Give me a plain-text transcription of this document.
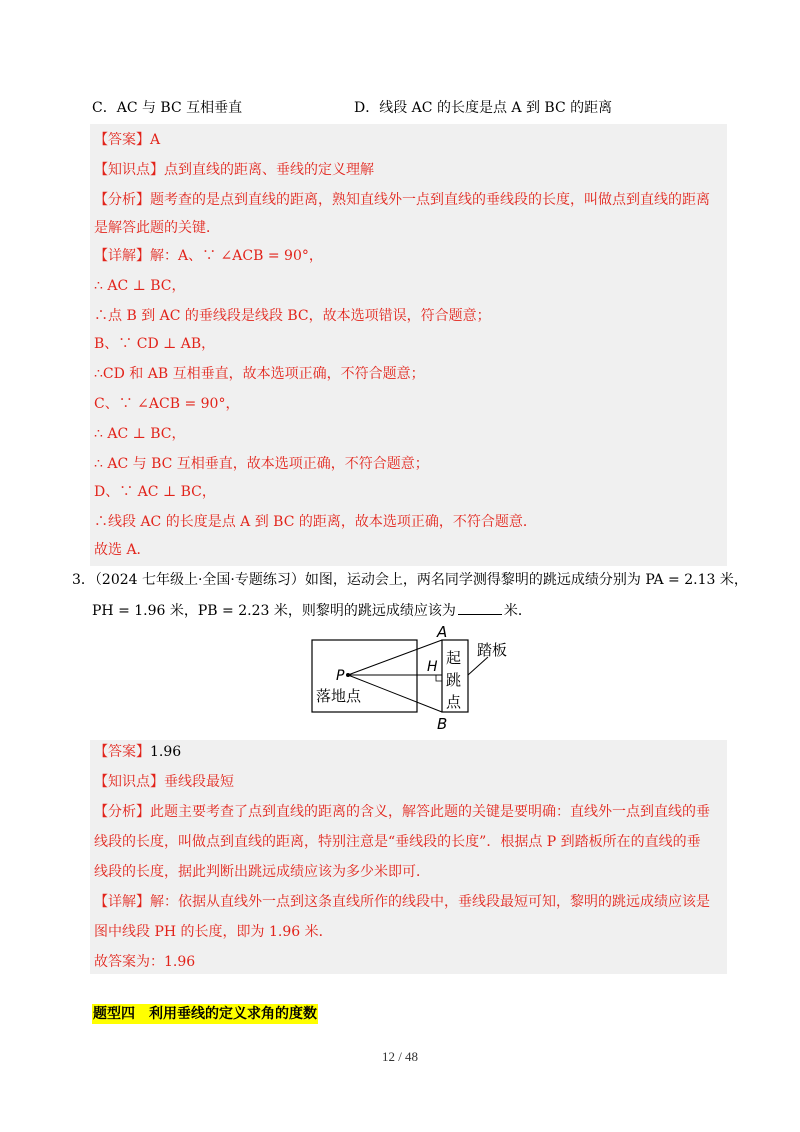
C．AC 与 BC 互相垂直	D．线段 AC 的长度是点 A 到 BC 的距离
【答案】A
【知识点】点到直线的距离、垂线的定义理解
【分析】题考查的是点到直线的距离，熟知直线外一点到直线的垂线段的长度，叫做点到直线的距离
是解答此题的关键．
【详解】解：A、∵ ∠ACB = 90°，
∴ AC ⊥ BC，
∴点 B 到 AC 的垂线段是线段 BC，故本选项错误，符合题意；
B、∵ CD ⊥ AB，
∴CD 和 AB 互相垂直，故本选项正确，不符合题意；
C、∵ ∠ACB = 90°，
∴ AC ⊥ BC，
∴ AC 与 BC 互相垂直，故本选项正确，不符合题意；
D、∵ AC ⊥ BC，
∴线段 AC 的长度是点 A 到 BC 的距离，故本选项正确，不符合题意．
故选 A．
3．（2024 七年级上·全国·专题练习）如图，运动会上，两名同学测得黎明的跳远成绩分别为 PA = 2.13 米，
PH = 1.96 米，PB = 2.23 米，则黎明的跳远成绩应该为	米．
A
B
H
P
起
跳
点
踏板
落地点
【答案】1.96
【知识点】垂线段最短
【分析】此题主要考查了点到直线的距离的含义，解答此题的关键是要明确：直线外一点到直线的垂
线段的长度，叫做点到直线的距离，特别注意是“垂线段的长度”．根据点 P 到踏板所在的直线的垂
线段的长度，据此判断出跳远成绩应该为多少米即可．
【详解】解：依据从直线外一点到这条直线所作的线段中，垂线段最短可知，黎明的跳远成绩应该是
图中线段 PH 的长度，即为 1.96 米．
故答案为：1.96
题型四　利用垂线的定义求角的度数
12 / 48
